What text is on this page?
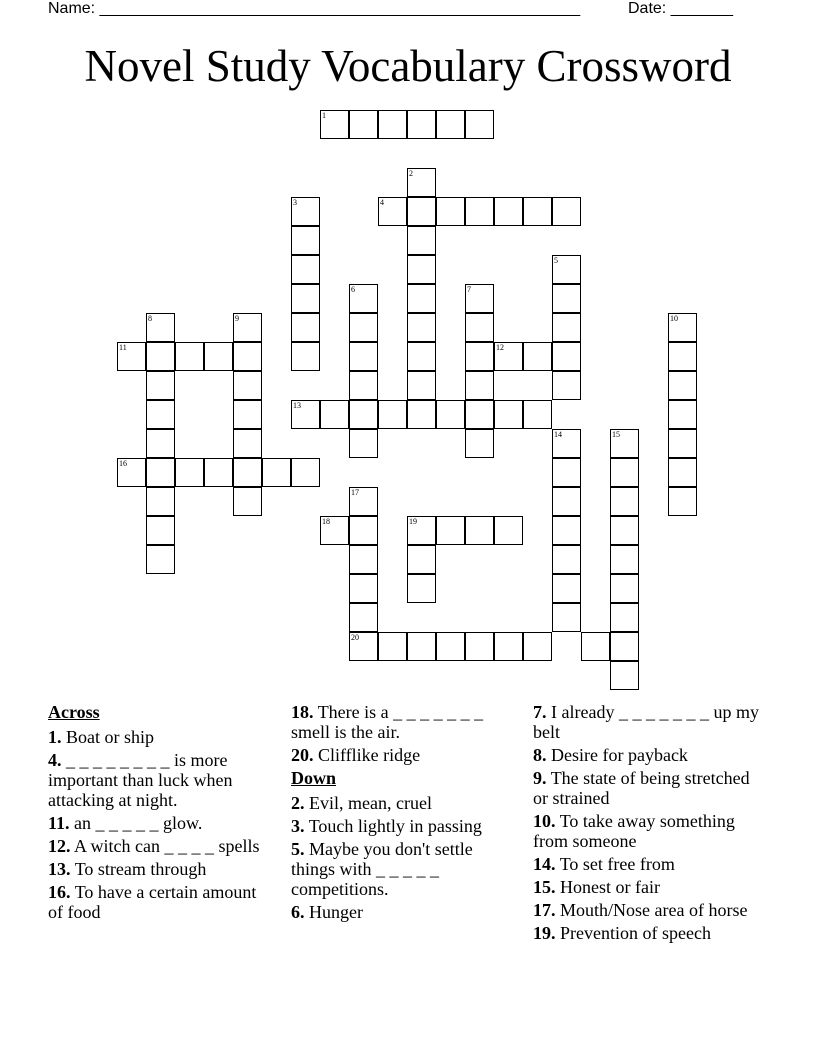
Name: ______________________________________________________	Date: _______
Novel Study Vocabulary Crossword
1
2
3	4
5
6	7
8	9	10
11	12
13
14	15
16
17
20
18	19
Across
1. Boat or ship
4. _ _ _ _ _ _ _ _ is more important than luck when attacking at night.
11. an _ _ _ _ _ glow.
12. A witch can _ _ _ _ spells
13. To stream through
16. To have a certain amount of food
18. There is a _ _ _ _ _ _ _ smell is the air.
20. Clifflike ridge
Down
2. Evil, mean, cruel
3. Touch lightly in passing
5. Maybe you don't settle things with _ _ _ _ _ competitions.
6. Hunger
7. I already _ _ _ _ _ _ _ up my belt
8. Desire for payback
9. The state of being stretched or strained
10. To take away something from someone
14. To set free from
15. Honest or fair
17. Mouth/Nose area of horse
19. Prevention of speech
